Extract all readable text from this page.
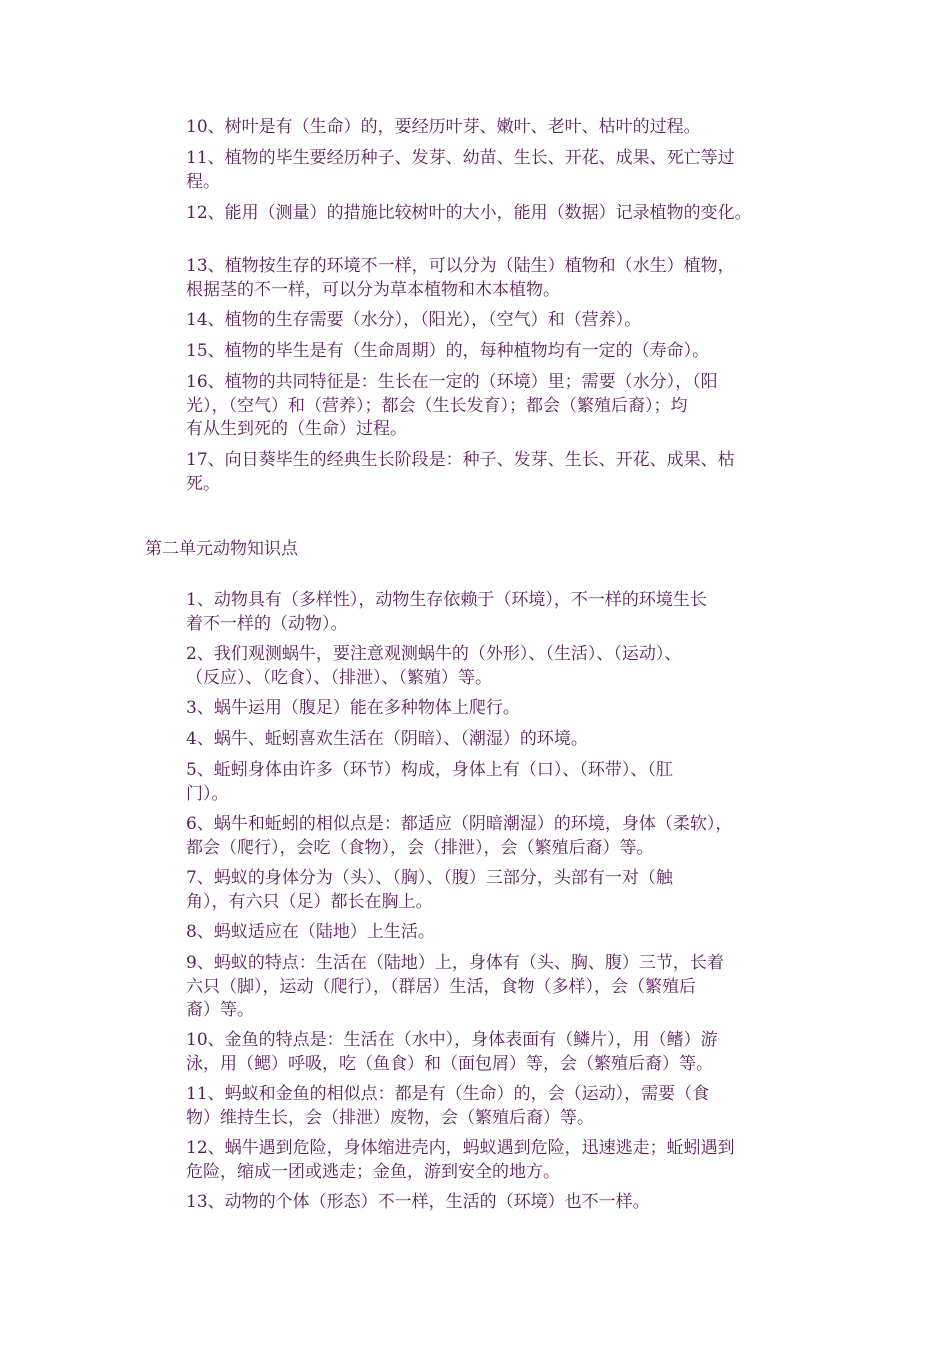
10、树叶是有（生命）的，要经历叶芽、嫩叶、老叶、枯叶的过程。
11、植物的毕生要经历种子、发芽、幼苗、生长、开花、成果、死亡等过
程。
12、能用（测量）的措施比较树叶的大小，能用（数据）记录植物的变化。
13、植物按生存的环境不一样，可以分为（陆生）植物和（水生）植物，
根据茎的不一样，可以分为草本植物和木本植物。
14、植物的生存需要（水分），（阳光），（空气）和（营养）。
15、植物的毕生是有（生命周期）的，每种植物均有一定的（寿命）。
16、植物的共同特征是：生长在一定的（环境）里；需要（水分），（阳
光），（空气）和（营养）；都会（生长发育）；都会（繁殖后裔）；均
有从生到死的（生命）过程。
17、向日葵毕生的经典生长阶段是：种子、发芽、生长、开花、成果、枯
死。
第二单元动物知识点
1、动物具有（多样性），动物生存依赖于（环境），不一样的环境生长
着不一样的（动物）。
2、我们观测蜗牛，要注意观测蜗牛的（外形）、（生活）、（运动）、
（反应）、（吃食）、（排泄）、（繁殖）等。
3、蜗牛运用（腹足）能在多种物体上爬行。
4、蜗牛、蚯蚓喜欢生活在（阴暗）、（潮湿）的环境。
5、蚯蚓身体由许多（环节）构成，身体上有（口）、（环带）、（肛
门）。
6、蜗牛和蚯蚓的相似点是：都适应（阴暗潮湿）的环境，身体（柔软），
都会（爬行），会吃（食物），会（排泄），会（繁殖后裔）等。
7、蚂蚁的身体分为（头）、（胸）、（腹）三部分，头部有一对（触
角），有六只（足）都长在胸上。
8、蚂蚁适应在（陆地）上生活。
9、蚂蚁的特点：生活在（陆地）上，身体有（头、胸、腹）三节，长着
六只（脚），运动（爬行），（群居）生活，食物（多样），会（繁殖后
裔）等。
10、金鱼的特点是：生活在（水中），身体表面有（鳞片），用（鳍）游
泳，用（鳃）呼吸，吃（鱼食）和（面包屑）等，会（繁殖后裔）等。
11、蚂蚁和金鱼的相似点：都是有（生命）的，会（运动），需要（食
物）维持生长，会（排泄）废物，会（繁殖后裔）等。
12、蜗牛遇到危险，身体缩进壳内，蚂蚁遇到危险，迅速逃走；蚯蚓遇到
危险，缩成一团或逃走；金鱼，游到安全的地方。
13、动物的个体（形态）不一样，生活的（环境）也不一样。
